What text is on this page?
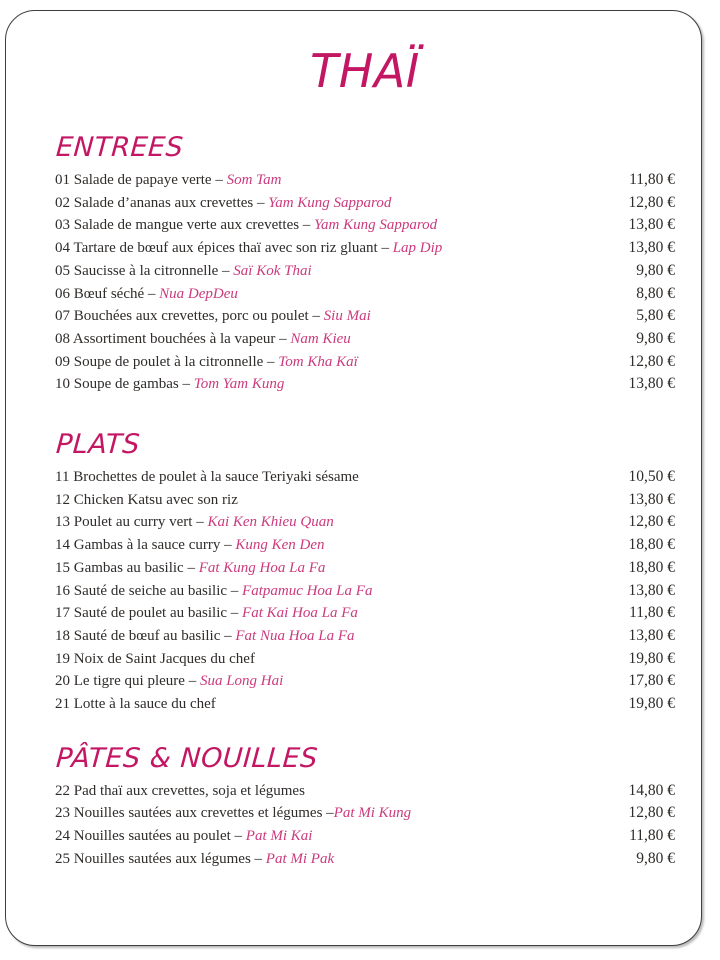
THAÏ
ENTREES
01 Salade de papaye verte – Som Tam	11,80 €
02 Salade d’ananas aux crevettes – Yam Kung Sapparod	12,80 €
03 Salade de mangue verte aux crevettes – Yam Kung Sapparod	13,80 €
04 Tartare de bœuf aux épices thaï avec son riz gluant – Lap Dip	13,80 €
05 Saucisse à la citronnelle – Saï Kok Thai	9,80 €
06 Bœuf séché – Nua DepDeu	8,80 €
07 Bouchées aux crevettes, porc ou poulet – Siu Mai	5,80 €
08 Assortiment bouchées à la vapeur – Nam Kieu	9,80 €
09 Soupe de poulet à la citronnelle – Tom Kha Kaï	12,80 €
10 Soupe de gambas – Tom Yam Kung	13,80 €
PLATS
11 Brochettes de poulet à la sauce Teriyaki sésame	10,50 €
12 Chicken Katsu avec son riz	13,80 €
13 Poulet au curry vert – Kai Ken Khieu Quan	12,80 €
14 Gambas à la sauce curry – Kung Ken Den	18,80 €
15 Gambas au basilic – Fat Kung Hoa La Fa	18,80 €
16 Sauté de seiche au basilic – Fatpamuc Hoa La Fa	13,80 €
17 Sauté de poulet au basilic – Fat Kai Hoa La Fa	11,80 €
18 Sauté de bœuf au basilic – Fat Nua Hoa La Fa	13,80 €
19 Noix de Saint Jacques du chef	19,80 €
20 Le tigre qui pleure – Sua Long Hai	17,80 €
21 Lotte à la sauce du chef	19,80 €
PÂTES & NOUILLES
22 Pad thaï aux crevettes, soja et légumes	14,80 €
23 Nouilles sautées aux crevettes et légumes –Pat Mi Kung	12,80 €
24 Nouilles sautées au poulet – Pat Mi Kai	11,80 €
25 Nouilles sautées aux légumes – Pat Mi Pak	9,80 €
